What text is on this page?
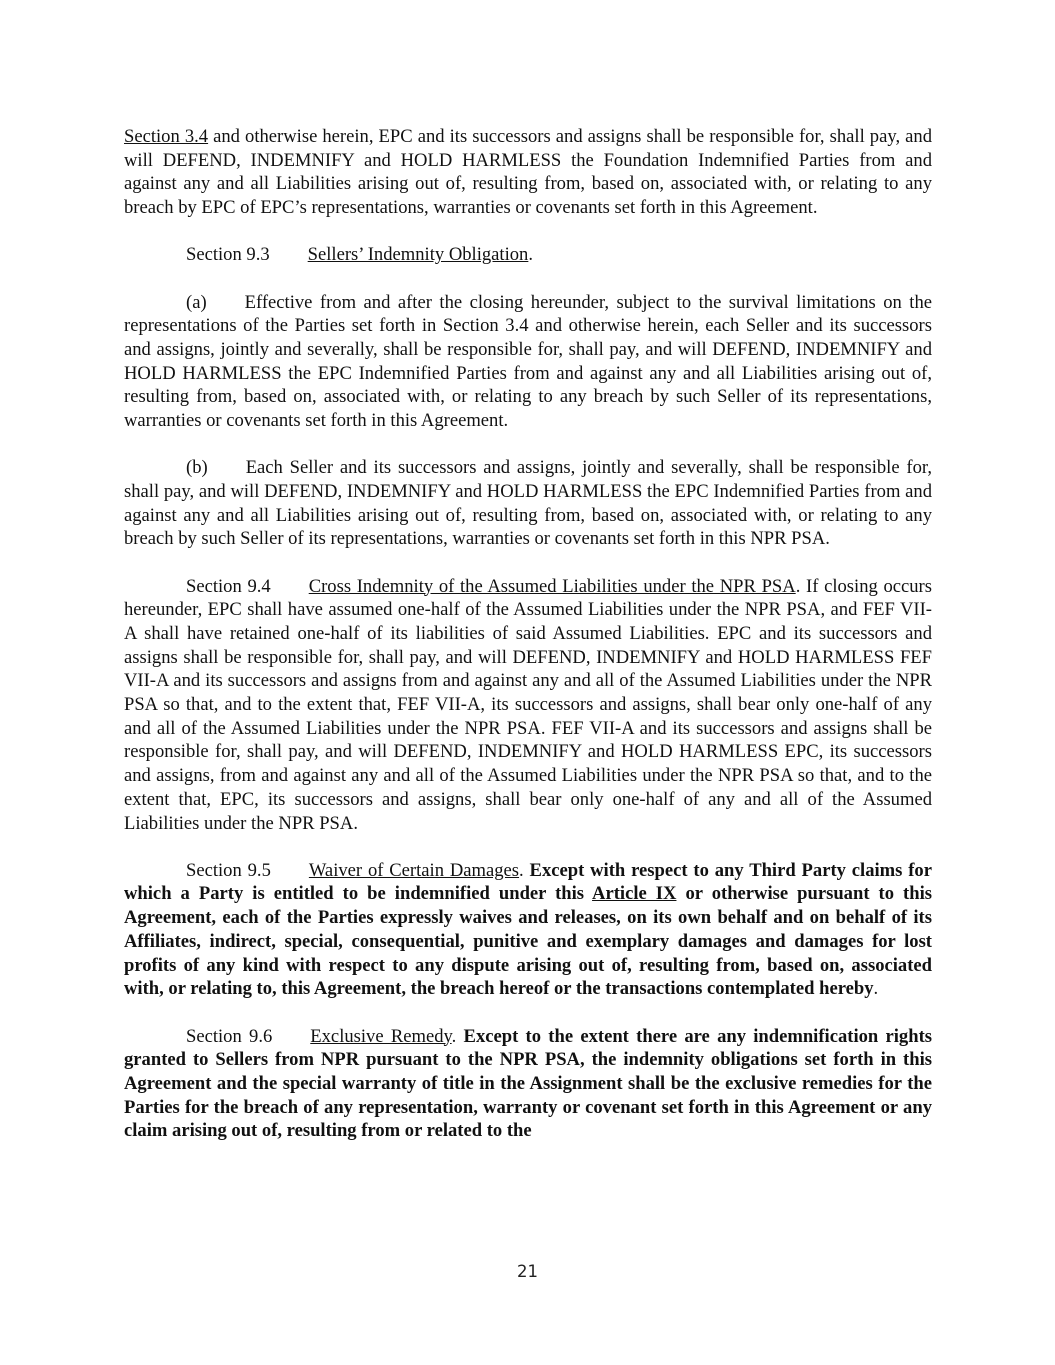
Section 3.4 and otherwise herein, EPC and its successors and assigns shall be responsible for, shall pay, and will DEFEND, INDEMNIFY and HOLD HARMLESS the Foundation Indemnified Parties from and against any and all Liabilities arising out of, resulting from, based on, associated with, or relating to any breach by EPC of EPC’s representations, warranties or covenants set forth in this Agreement.

Section 9.3 Sellers’ Indemnity Obligation.

(a) Effective from and after the closing hereunder, subject to the survival limitations on the representations of the Parties set forth in Section 3.4 and otherwise herein, each Seller and its successors and assigns, jointly and severally, shall be responsible for, shall pay, and will DEFEND, INDEMNIFY and HOLD HARMLESS the EPC Indemnified Parties from and against any and all Liabilities arising out of, resulting from, based on, associated with, or relating to any breach by such Seller of its representations, warranties or covenants set forth in this Agreement.

(b) Each Seller and its successors and assigns, jointly and severally, shall be responsible for, shall pay, and will DEFEND, INDEMNIFY and HOLD HARMLESS the EPC Indemnified Parties from and against any and all Liabilities arising out of, resulting from, based on, associated with, or relating to any breach by such Seller of its representations, warranties or covenants set forth in this NPR PSA.

Section 9.4 Cross Indemnity of the Assumed Liabilities under the NPR PSA. If closing occurs hereunder, EPC shall have assumed one-half of the Assumed Liabilities under the NPR PSA, and FEF VII-A shall have retained one-half of its liabilities of said Assumed Liabilities. EPC and its successors and assigns shall be responsible for, shall pay, and will DEFEND, INDEMNIFY and HOLD HARMLESS FEF VII-A and its successors and assigns from and against any and all of the Assumed Liabilities under the NPR PSA so that, and to the extent that, FEF VII-A, its successors and assigns, shall bear only one-half of any and all of the Assumed Liabilities under the NPR PSA. FEF VII-A and its successors and assigns shall be responsible for, shall pay, and will DEFEND, INDEMNIFY and HOLD HARMLESS EPC, its successors and assigns, from and against any and all of the Assumed Liabilities under the NPR PSA so that, and to the extent that, EPC, its successors and assigns, shall bear only one-half of any and all of the Assumed Liabilities under the NPR PSA.

Section 9.5 Waiver of Certain Damages. Except with respect to any Third Party claims for which a Party is entitled to be indemnified under this Article IX or otherwise pursuant to this Agreement, each of the Parties expressly waives and releases, on its own behalf and on behalf of its Affiliates, indirect, special, consequential, punitive and exemplary damages and damages for lost profits of any kind with respect to any dispute arising out of, resulting from, based on, associated with, or relating to, this Agreement, the breach hereof or the transactions contemplated hereby.

Section 9.6 Exclusive Remedy. Except to the extent there are any indemnification rights granted to Sellers from NPR pursuant to the NPR PSA, the indemnity obligations set forth in this Agreement and the special warranty of title in the Assignment shall be the exclusive remedies for the Parties for the breach of any representation, warranty or covenant set forth in this Agreement or any claim arising out of, resulting from or related to the

21
